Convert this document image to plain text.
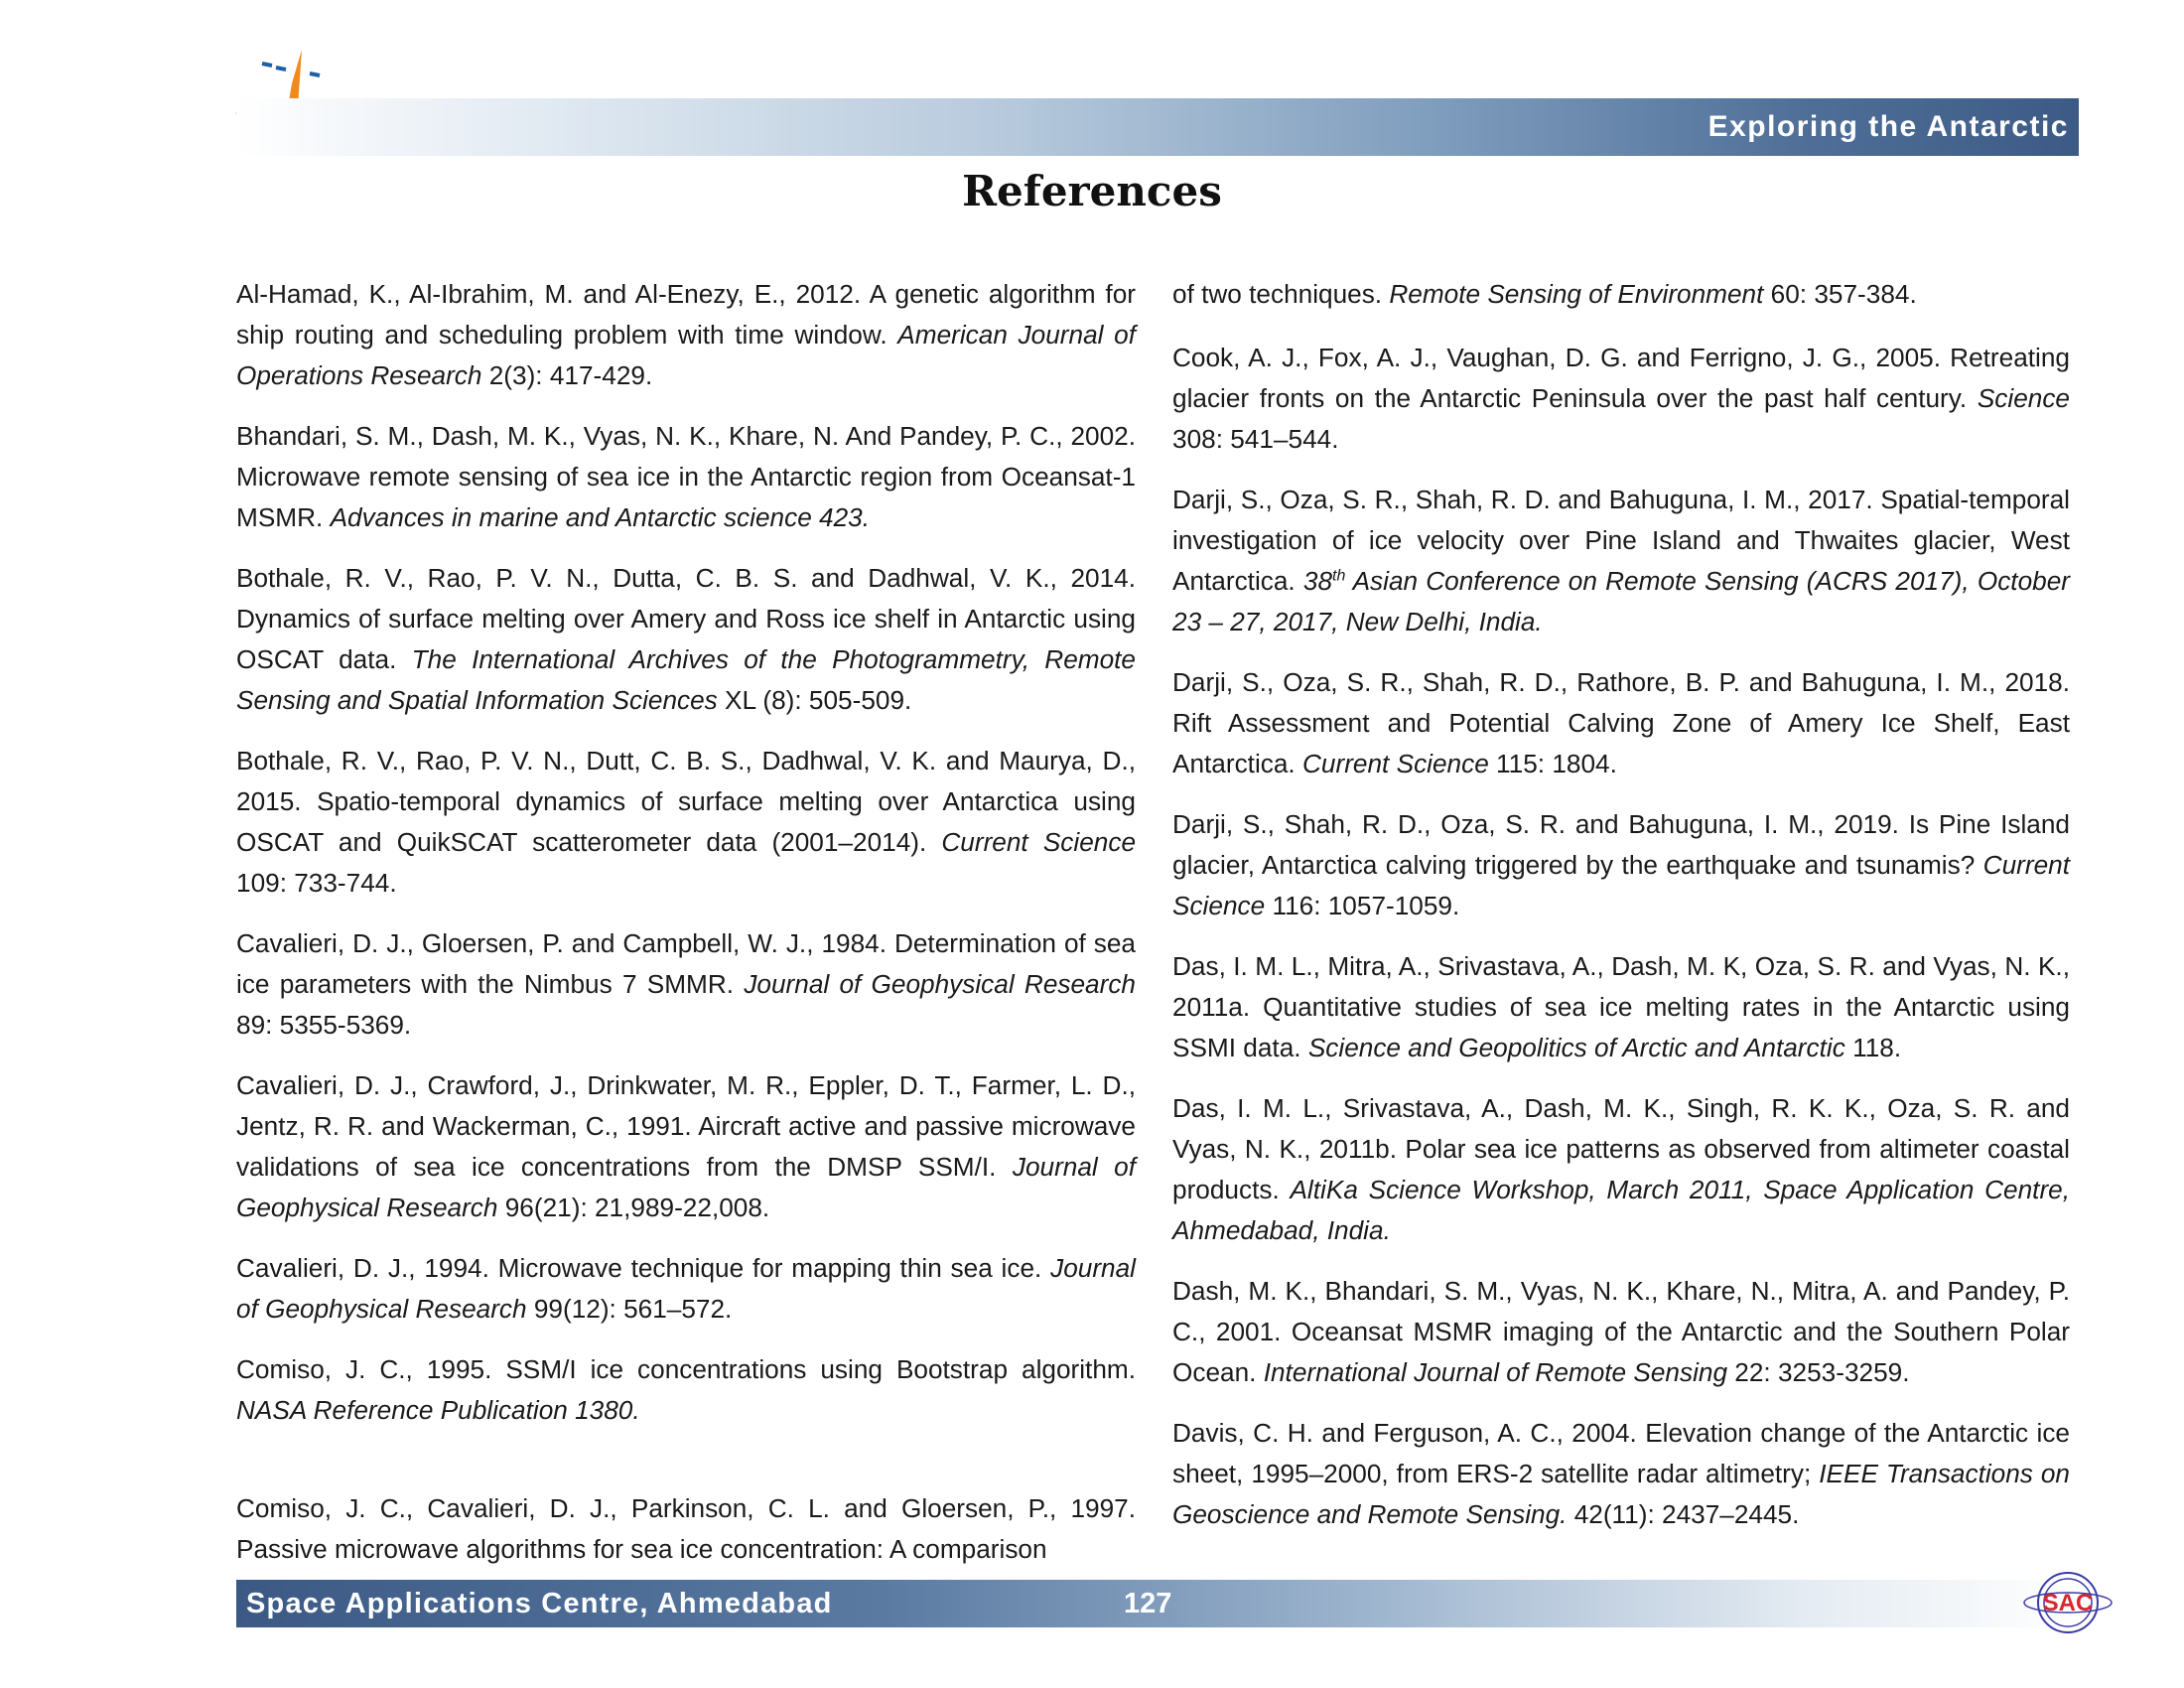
Exploring the Antarctic
References

Al-Hamad, K., Al-Ibrahim, M. and Al-Enezy, E., 2012. A genetic algorithm for ship routing and scheduling problem with time window. American Journal of Operations Research 2(3): 417-429.

Bhandari, S. M., Dash, M. K., Vyas, N. K., Khare, N. And Pandey, P. C., 2002. Microwave remote sensing of sea ice in the Antarctic region from Oceansat-1 MSMR. Advances in marine and Antarctic science 423.

Bothale, R. V., Rao, P. V. N., Dutta, C. B. S. and Dadhwal, V. K., 2014. Dynamics of surface melting over Amery and Ross ice shelf in Antarctic using OSCAT data. The International Archives of the Photogrammetry, Remote Sensing and Spatial Information Sciences XL (8): 505-509.

Bothale, R. V., Rao, P. V. N., Dutt, C. B. S., Dadhwal, V. K. and Maurya, D., 2015. Spatio-temporal dynamics of surface melting over Antarctica using OSCAT and QuikSCAT scatterometer data (2001–2014). Current Science 109: 733-744.

Cavalieri, D. J., Gloersen, P. and Campbell, W. J., 1984. Determination of sea ice parameters with the Nimbus 7 SMMR. Journal of Geophysical Research 89: 5355-5369.

Cavalieri, D. J., Crawford, J., Drinkwater, M. R., Eppler, D. T., Farmer, L. D., Jentz, R. R. and Wackerman, C., 1991. Aircraft active and passive microwave validations of sea ice concentrations from the DMSP SSM/I. Journal of Geophysical Research 96(21): 21,989-22,008.

Cavalieri, D. J., 1994. Microwave technique for mapping thin sea ice. Journal of Geophysical Research 99(12): 561–572.

Comiso, J. C., 1995. SSM/I ice concentrations using Bootstrap algorithm. NASA Reference Publication 1380.

Comiso, J. C., Cavalieri, D. J., Parkinson, C. L. and Gloersen, P., 1997. Passive microwave algorithms for sea ice concentration: A comparison

of two techniques. Remote Sensing of Environment 60: 357-384.

Cook, A. J., Fox, A. J., Vaughan, D. G. and Ferrigno, J. G., 2005. Retreating glacier fronts on the Antarctic Peninsula over the past half century. Science 308: 541–544.

Darji, S., Oza, S. R., Shah, R. D. and Bahuguna, I. M., 2017. Spatial-temporal investigation of ice velocity over Pine Island and Thwaites glacier, West Antarctica. 38th Asian Conference on Remote Sensing (ACRS 2017), October 23 – 27, 2017, New Delhi, India.

Darji, S., Oza, S. R., Shah, R. D., Rathore, B. P. and Bahuguna, I. M., 2018. Rift Assessment and Potential Calving Zone of Amery Ice Shelf, East Antarctica. Current Science 115: 1804.

Darji, S., Shah, R. D., Oza, S. R. and Bahuguna, I. M., 2019. Is Pine Island glacier, Antarctica calving triggered by the earthquake and tsunamis? Current Science 116: 1057-1059.

Das, I. M. L., Mitra, A., Srivastava, A., Dash, M. K, Oza, S. R. and Vyas, N. K., 2011a. Quantitative studies of sea ice melting rates in the Antarctic using SSMI data. Science and Geopolitics of Arctic and Antarctic 118.

Das, I. M. L., Srivastava, A., Dash, M. K., Singh, R. K. K., Oza, S. R. and Vyas, N. K., 2011b. Polar sea ice patterns as observed from altimeter coastal products. AltiKa Science Workshop, March 2011, Space Application Centre, Ahmedabad, India.

Dash, M. K., Bhandari, S. M., Vyas, N. K., Khare, N., Mitra, A. and Pandey, P. C., 2001. Oceansat MSMR imaging of the Antarctic and the Southern Polar Ocean. International Journal of Remote Sensing 22: 3253-3259.

Davis, C. H. and Ferguson, A. C., 2004. Elevation change of the Antarctic ice sheet, 1995–2000, from ERS-2 satellite radar altimetry; IEEE Transactions on Geoscience and Remote Sensing. 42(11): 2437–2445.

Space Applications Centre, Ahmedabad	127	SAC
